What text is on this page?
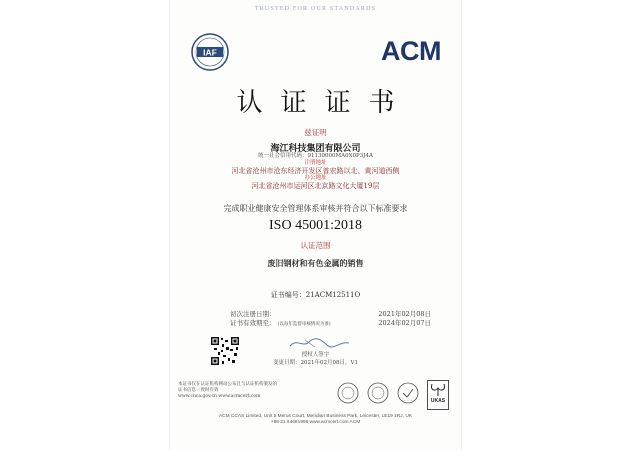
TRUSTED FOR OUR STANDARDS
IAF	ACM
认证证书
兹证明
海江科技集团有限公司
统一社会信用代码：91130000MA0X0P3J4A
注册地址
河北省沧州市沧东经济开发区普宏路以北、黄河道西侧
办公地址
河北省沧州市运河区北京路文化大厦19层
完成职业健康安全管理体系审核并符合以下标准要求
ISO 45001:2018
认证范围
废旧钢材和有色金属的销售
证书编号：21ACM12511O
初次注册日期：	2021年02月08日
证书有效期至： (以每年监督审核情况为准)	2024年02月07日
授权人签字
变更日期：2021年02月08日，V1
本证书仅在认证机构网站公布且与认证机构颁发的证书信息一致时有效
www.cnca.gov.cn www.acmcert.com
UKAS
ACM CCAS Limited, Unit 5 Merus Court, Meridian Business Park, Leicester, LE19 1RJ, UK
+86 21 64681996 www.acmcert.com ACM
